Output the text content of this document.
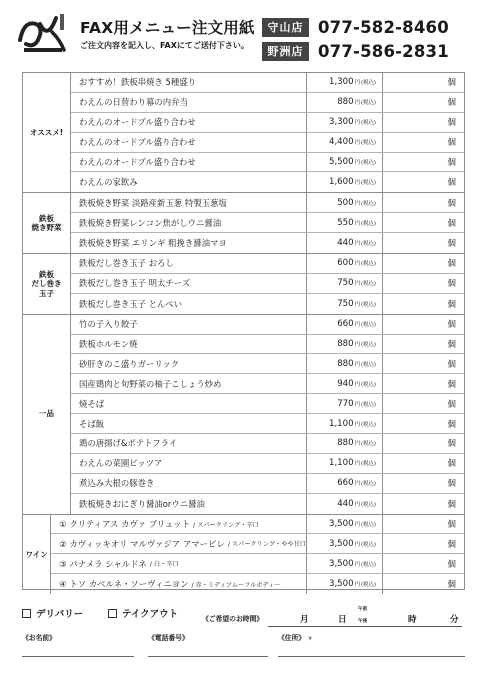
FAX用メニュー注文用紙
ご注文内容を記入し、FAXにてご送付下さい。
守山店 077-582-8460
野洲店 077-586-2831
オススメ!
おすすめ！鉄板串焼き 5種盛り	1,300 円 (税込)	個
わえんの日替わり幕の内弁当	880 円 (税込)	個
わえんのオードブル盛り合わせ	3,300 円 (税込)	個
わえんのオードブル盛り合わせ	4,400 円 (税込)	個
わえんのオードブル盛り合わせ	5,500 円 (税込)	個
わえんの家飲み	1,600 円 (税込)	個
鉄板
焼き野菜
鉄板焼き野菜 淡路産新玉葱 特製玉葱塩	500 円 (税込)	個
鉄板焼き野菜レンコン焦がしウニ醤油	550 円 (税込)	個
鉄板焼き野菜 エリンギ 粗挽き醤油マヨ	440 円 (税込)	個
鉄板
だし巻き
玉子
鉄板だし巻き玉子 おろし	600 円 (税込)	個
鉄板だし巻き玉子 明太チーズ	750 円 (税込)	個
鉄板だし巻き玉子 とんぺい	750 円 (税込)	個
一品
竹の子入り餃子	660 円 (税込)	個
鉄板ホルモン焼	880 円 (税込)	個
砂肝きのこ盛りガーリック	880 円 (税込)	個
国産鶏肉と旬野菜の柚子こしょう炒め	940 円 (税込)	個
焼そば	770 円 (税込)	個
そば飯	1,100 円 (税込)	個
鶏の唐揚げ&ポテトフライ	880 円 (税込)	個
わえんの菜園ピッツア	1,100 円 (税込)	個
煮込み大根の豚巻き	660 円 (税込)	個
鉄板焼きおにぎり醤油orウニ醤油	440 円 (税込)	個
ワイン
① クリティアス カヴァ ブリュット / スパークリング・辛口	3,500 円 (税込)	個
② カヴィッキオリ マルヴァジア アマービレ / スパークリング・やや甘口	3,500 円 (税込)	個
③ パナメラ シャルドネ / 白・辛口	3,500 円 (税込)	個
④ トソ カベルネ・ソーヴィニヨン / 赤・ミディアム〜フルボディ〜	3,500 円 (税込)	個
デリバリー	テイクアウト	《ご希望のお時間》	月	日
午前
午後	時	分
《お名前》	《電話番号》	《住所》 ▼
